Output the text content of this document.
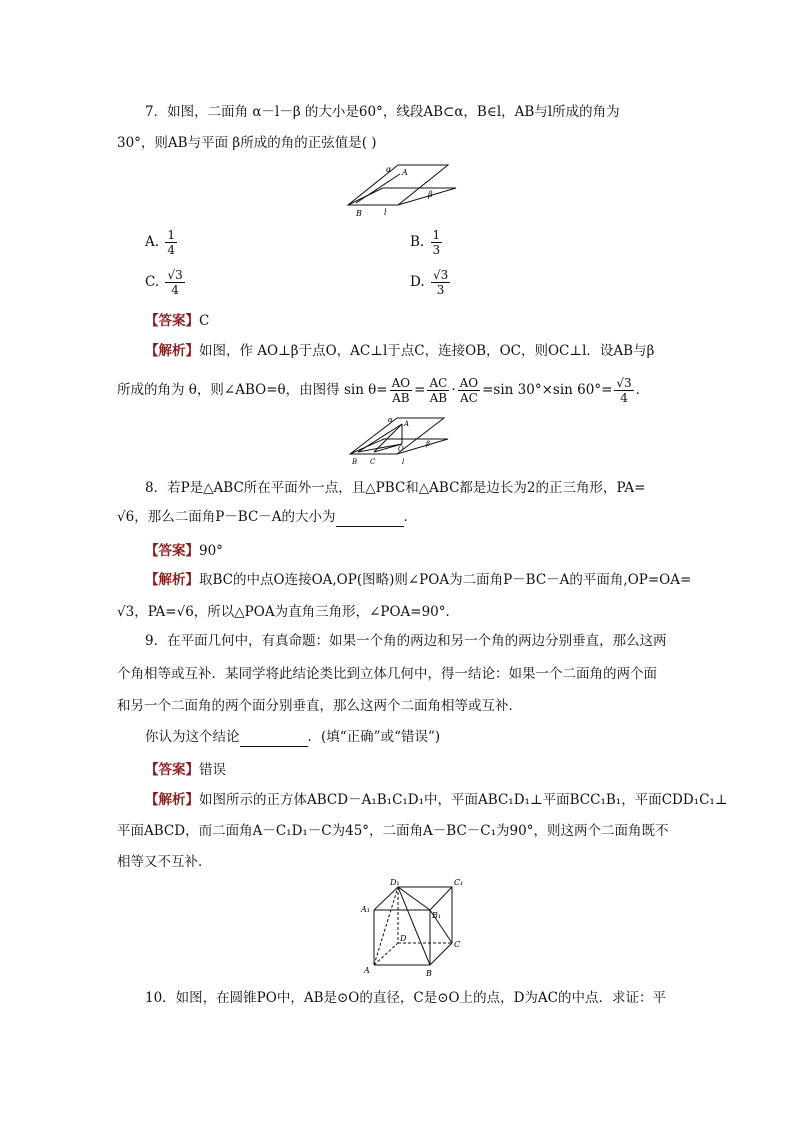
7．如图，二面角 α－l－β 的大小是60°，线段AB⊂α，B∈l，AB与l所成的角为
30°，则AB与平面 β所成的角的正弦值是( )
α A
β
B	l
A. $\frac{1}{4}$	B. $\frac{1}{3}$
C. $\frac{√3}{4}$	D. $\frac{√3}{3}$
【答案】C
【解析】如图，作 AO⊥β于点O，AC⊥l于点C，连接OB，OC，则OC⊥l．设AB与β
所成的角为 θ，则∠ABO=θ，由图得 $\sin \theta= \frac{AO}{AB} = \frac{AC}{AB} \cdot \frac{AO}{AC} =\sin$ 30°×sin $60^\circ= \frac{√3}{4}$ ．
α A
β
B C
O
l
8．若P是△ABC所在平面外一点，且△PBC和△ABC都是边长为2的正三角形，PA=
√6，那么二面角P－BC－A的大小为	．
【答案】90°
【解析】取BC的中点O连接OA,OP(图略)则∠POA为二面角P－BC－A的平面角,OP=OA=
√3，PA=√6，所以△POA为直角三角形，∠POA=90°．
9．在平面几何中，有真命题：如果一个角的两边和另一个角的两边分别垂直，那么这两
个角相等或互补．某同学将此结论类比到立体几何中，得一结论：如果一个二面角的两个面
和另一个二面角的两个面分别垂直，那么这两个二面角相等或互补．
你认为这个结论	．(填“正确”或“错误”)
【答案】错误
【解析】如图所示的正方体ABCD－A₁B₁C₁D₁中，平面ABC₁D₁⊥平面BCC₁B₁，平面CDD₁C₁⊥
平面ABCD，而二面角A－C₁D₁－C为45°，二面角A－BC－C₁为90°，则这两个二面角既不
相等又不互补．
D₁	C₁
A₁
B₁
D
C
A	B
10．如图，在圆锥PO中，AB是⊙O的直径，C是⊙O上的点，D为AC的中点．求证：平
